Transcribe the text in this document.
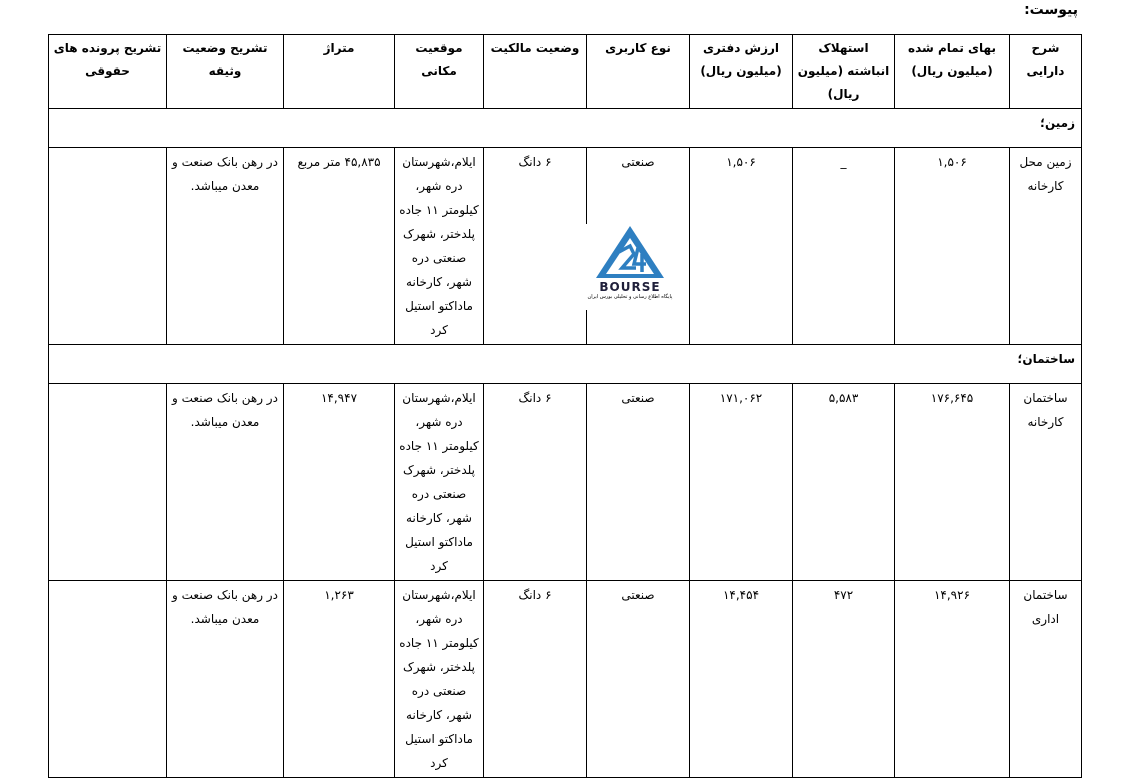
پیوست:
شرح دارایی	بهای تمام شده (میلیون ریال)	استهلاک انباشته (میلیون ریال)	ارزش دفتری (میلیون ریال)	نوع کاربری	وضعیت مالکیت	موقعیت مکانی	متراژ	تشریح وضعیت وثیقه	تشریح پرونده های حقوقی
زمین؛									
زمین محل کارخانه	۱,۵۰۶	_	۱,۵۰۶	صنعتی	۶ دانگ	ایلام،شهرستان دره شهر، کیلومتر ۱۱ جاده پلدختر، شهرک صنعتی دره شهر، کارخانه ماداکتو استیل کرد	۴۵,۸۳۵ متر مربع	در رهن بانک صنعت و معدن میباشد.	
ساختمان؛									
ساختمان کارخانه	۱۷۶,۶۴۵	۵,۵۸۳	۱۷۱,۰۶۲	صنعتی	۶ دانگ	ایلام،شهرستان دره شهر، کیلومتر ۱۱ جاده پلدختر، شهرک صنعتی دره شهر، کارخانه ماداکتو استیل کرد	۱۴,۹۴۷	در رهن بانک صنعت و معدن میباشد.	
ساختمان اداری	۱۴,۹۲۶	۴۷۲	۱۴,۴۵۴	صنعتی	۶ دانگ	ایلام،شهرستان دره شهر، کیلومتر ۱۱ جاده پلدختر، شهرک صنعتی دره شهر، کارخانه ماداکتو استیل کرد	۱,۲۶۳	در رهن بانک صنعت و معدن میباشد.	
BOURSE
پایگاه اطلاع رسانی و تحلیلی بورس ایران
